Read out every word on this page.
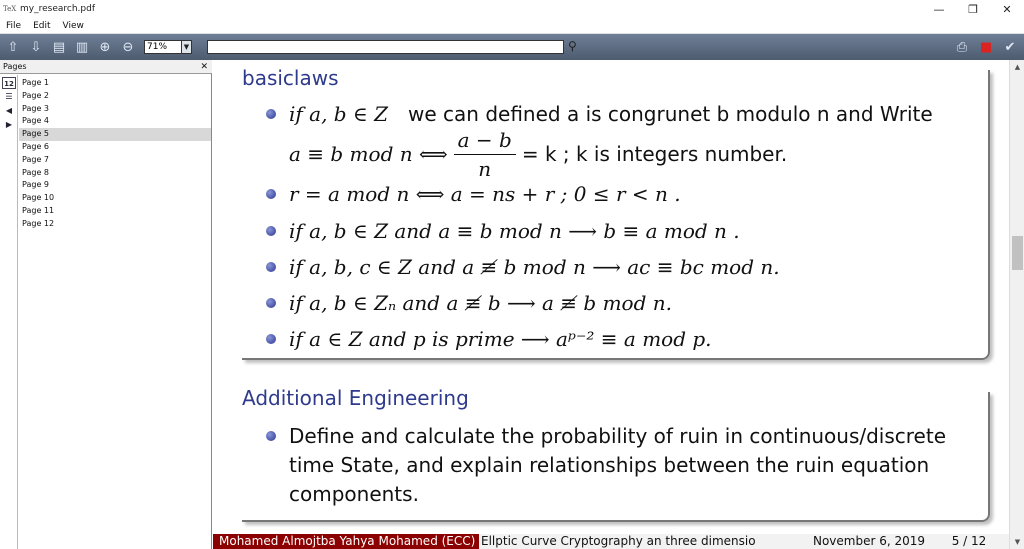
TeX my_research.pdf	—	❐	✕
File	Edit	View
⇧ ⇩ ▤ ▥ ⊕ ⊖	71%	▼	⚲	⎙ ■ ✔
Pages	✕
12
☰
◀
▶
Page 1
Page 2
Page 3
Page 4
Page 5
Page 6
Page 7
Page 8
Page 9
Page 10
Page 11
Page 12
basiclaws
if a, b ∈ Z we can defined a is congrunet b modulo n and Write
a ≡ b mod n ⟺ $\frac{a - b}{n} = k$ ; k is integers number.
r = a mod n ⟺ a = ns + r ; 0 ≤ r < n .
if a, b ∈ Z and a ≡ b mod n ⟶ b ≡ a mod n .
if a, b, c ∈ Z and a ≢ b mod n ⟶ ac ≡ bc mod n.
if a, b ∈ Zₙ and a ≢ b ⟶ a ≢ b mod n.
if a ∈ Z and p is prime ⟶ aᵖ⁻² ≡ a mod p.
Additional Engineering
Define and calculate the probability of ruin in continuous/discrete
time State, and explain relationships between the ruin equation
components.
Mohamed Almojtba Yahya Mohamed (ECC) Ellptic Curve Cryptography an three dimensio	November 6, 2019	5 / 12
▲
▼
